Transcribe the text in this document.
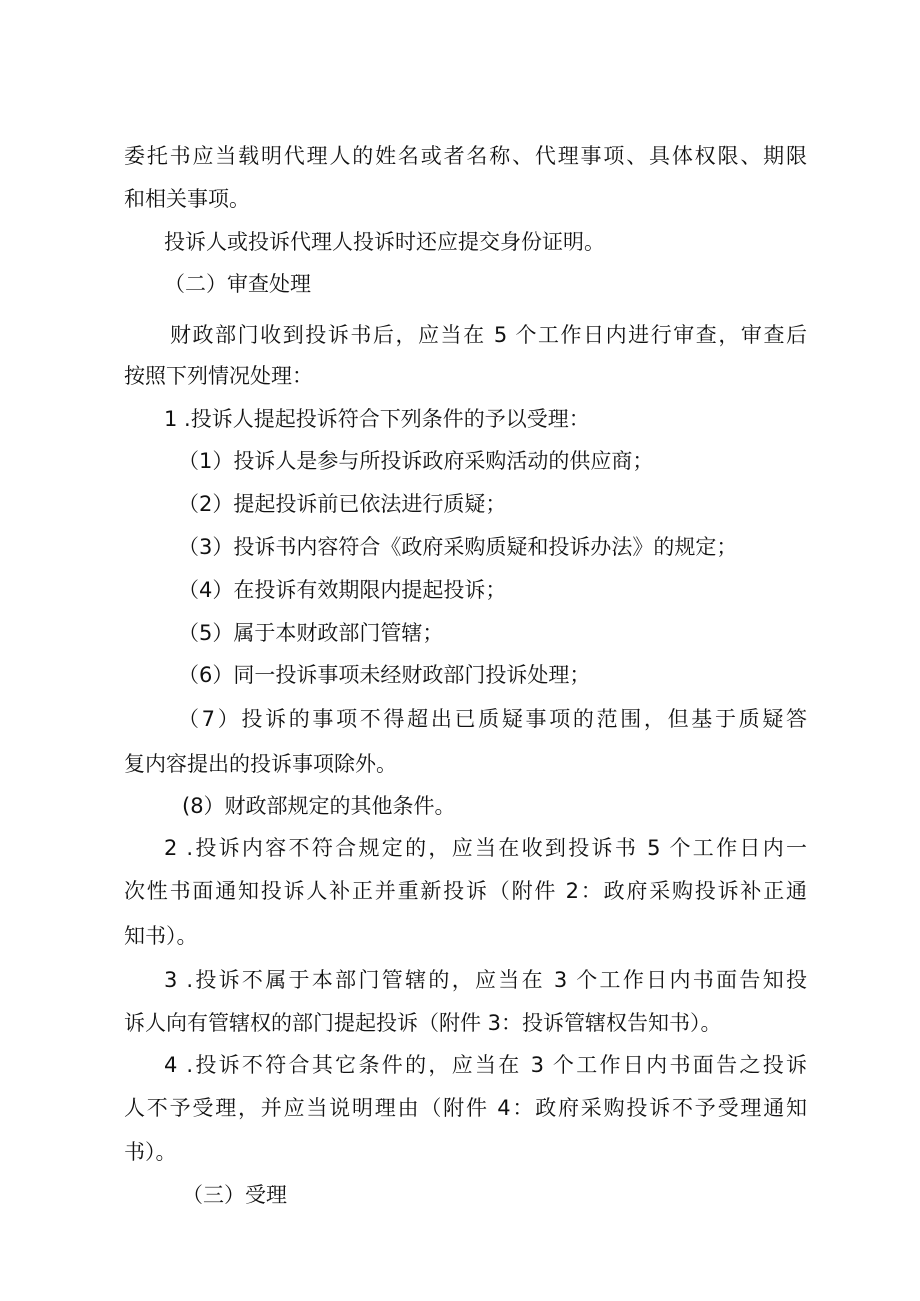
委托书应当载明代理人的姓名或者名称、代理事项、具体权限、期限
和相关事项。
投诉人或投诉代理人投诉时还应提交身份证明。
（二）审查处理
财政部门收到投诉书后，应当在 5 个工作日内进行审查，审查后
按照下列情况处理：
1 .投诉人提起投诉符合下列条件的予以受理：
（1）投诉人是参与所投诉政府采购活动的供应商；
（2）提起投诉前已依法进行质疑；
（3）投诉书内容符合《政府采购质疑和投诉办法》的规定；
（4）在投诉有效期限内提起投诉；
（5）属于本财政部门管辖；
（6）同一投诉事项未经财政部门投诉处理；
（7）投诉的事项不得超出已质疑事项的范围，但基于质疑答
复内容提出的投诉事项除外。
(8）财政部规定的其他条件。
2 .投诉内容不符合规定的，应当在收到投诉书 5 个工作日内一
次性书面通知投诉人补正并重新投诉（附件 2：政府采购投诉补正通
知书）。
3 .投诉不属于本部门管辖的，应当在 3 个工作日内书面告知投
诉人向有管辖权的部门提起投诉（附件 3：投诉管辖权告知书）。
4 .投诉不符合其它条件的，应当在 3 个工作日内书面告之投诉
人不予受理，并应当说明理由（附件 4：政府采购投诉不予受理通知
书）。
（三）受理
